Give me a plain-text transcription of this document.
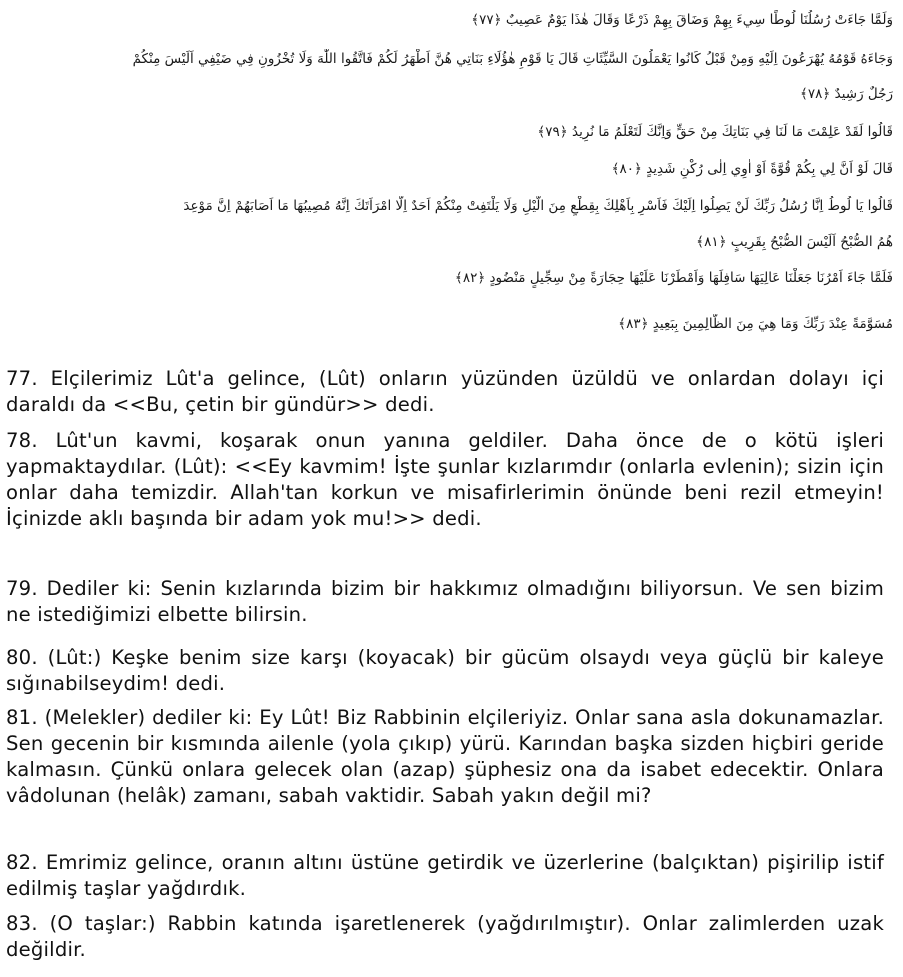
وَلَمَّا جَاءَتْ رُسُلُنَا لُوطًا سِيءَ بِهِمْ وَضَاقَ بِهِمْ ذَرْعًا وَقَالَ هٰذَا يَوْمٌ عَصِيبٌ ﴿٧٧﴾
وَجَاءَهُ قَوْمُهُ يُهْرَعُونَ اِلَيْهِ وَمِنْ قَبْلُ كَانُوا يَعْمَلُونَ السَّيِّئَاتِ قَالَ يَا قَوْمِ هٰؤُلَاءِ بَنَاتِي هُنَّ اَطْهَرُ لَكُمْ فَاتَّقُوا اللّٰهَ وَلَا تُخْزُونِ فِي ضَيْفِي اَلَيْسَ مِنْكُمْ
رَجُلٌ رَشِيدٌ ﴿٧٨﴾
قَالُوا لَقَدْ عَلِمْتَ مَا لَنَا فِي بَنَاتِكَ مِنْ حَقٍّ وَاِنَّكَ لَتَعْلَمُ مَا نُرِيدُ ﴿٧٩﴾
قَالَ لَوْ اَنَّ لِي بِكُمْ قُوَّةً اَوْ اٰوِي اِلٰى رُكْنٍ شَدِيدٍ ﴿٨٠﴾
قَالُوا يَا لُوطُ اِنَّا رُسُلُ رَبِّكَ لَنْ يَصِلُوا اِلَيْكَ فَاَسْرِ بِاَهْلِكَ بِقِطْعٍ مِنَ الَّيْلِ وَلَا يَلْتَفِتْ مِنْكُمْ اَحَدٌ اِلَّا امْرَاَتَكَ اِنَّهُ مُصِيبُهَا مَا اَصَابَهُمْ اِنَّ مَوْعِدَ
هُمُ الصُّبْحُ اَلَيْسَ الصُّبْحُ بِقَرِيبٍ ﴿٨١﴾
فَلَمَّا جَاءَ اَمْرُنَا جَعَلْنَا عَالِيَهَا سَافِلَهَا وَاَمْطَرْنَا عَلَيْهَا حِجَارَةً مِنْ سِجِّيلٍ مَنْضُودٍ ﴿٨٢﴾
مُسَوَّمَةً عِنْدَ رَبِّكَ وَمَا هِيَ مِنَ الظَّالِمِينَ بِبَعِيدٍ ﴿٨٣﴾

77. Elçilerimiz Lût'a gelince, (Lût) onların yüzünden üzüldü ve onlardan dolayı içi daraldı da <<Bu, çetin bir gündür>> dedi.

78. Lût'un kavmi, koşarak onun yanına geldiler. Daha önce de o kötü işleri yapmaktaydılar. (Lût): <<Ey kavmim! İşte şunlar kızlarımdır (onlarla evlenin); sizin için onlar daha temizdir. Allah'tan korkun ve misafirlerimin önünde beni rezil etmeyin! İçinizde aklı başında bir adam yok mu!>> dedi.

79. Dediler ki: Senin kızlarında bizim bir hakkımız olmadığını biliyorsun. Ve sen bizim ne istediğimizi elbette bilirsin.

80. (Lût:) Keşke benim size karşı (koyacak) bir gücüm olsaydı veya güçlü bir kaleye sığınabilseydim! dedi.

81. (Melekler) dediler ki: Ey Lût! Biz Rabbinin elçileriyiz. Onlar sana asla dokunamazlar. Sen gecenin bir kısmında ailenle (yola çıkıp) yürü. Karından başka sizden hiçbiri geride kalmasın. Çünkü onlara gelecek olan (azap) şüphesiz ona da isabet edecektir. Onlara vâdolunan (helâk) zamanı, sabah vaktidir. Sabah yakın değil mi?

82. Emrimiz gelince, oranın altını üstüne getirdik ve üzerlerine (balçıktan) pişirilip istif edilmiş taşlar yağdırdık.

83. (O taşlar:) Rabbin katında işaretlenerek (yağdırılmıştır). Onlar zalimlerden uzak değildir.
